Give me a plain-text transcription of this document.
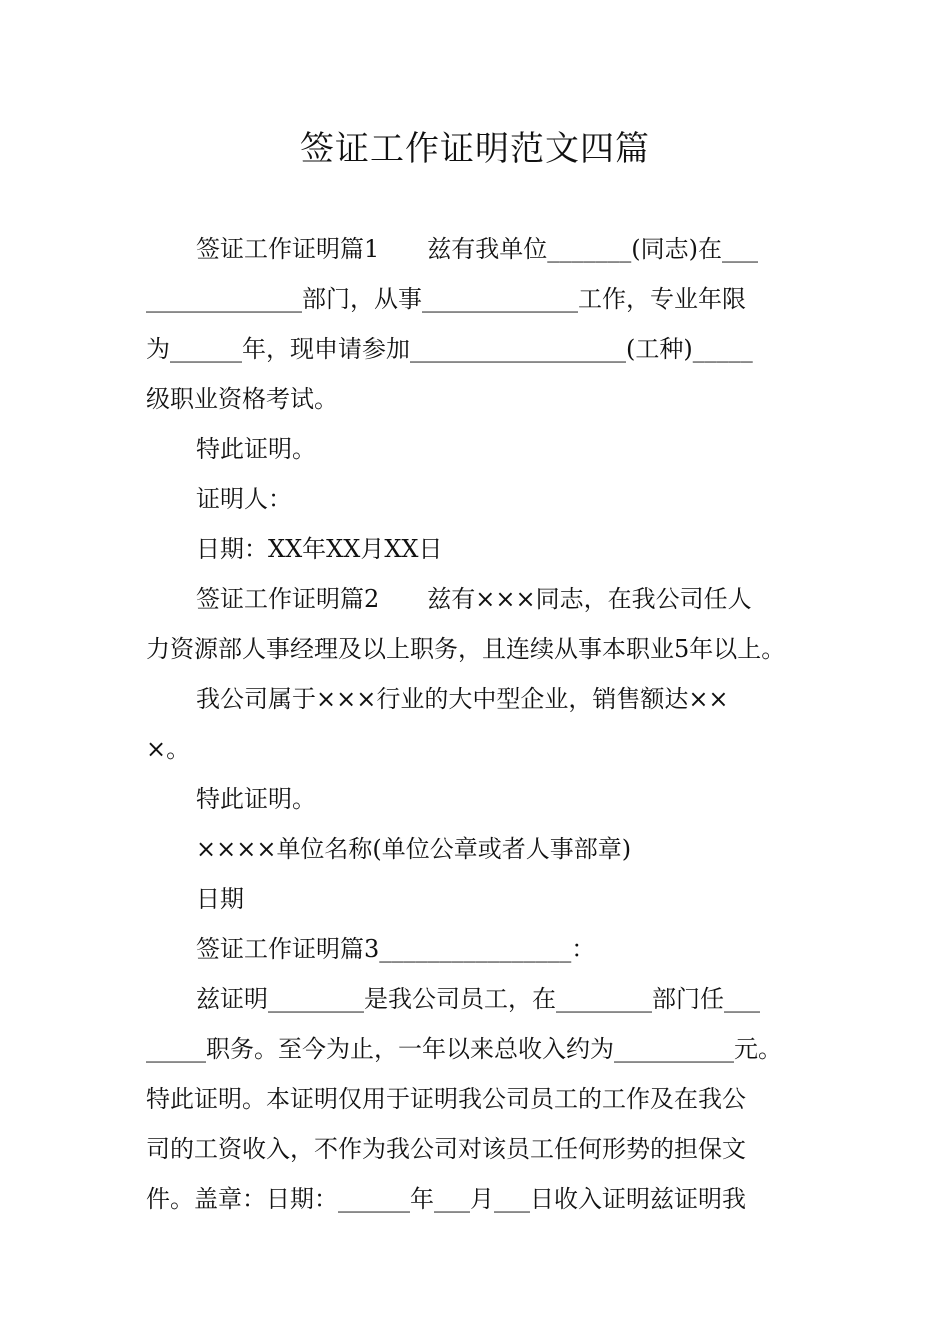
签证工作证明范文四篇
签证工作证明篇1　　兹有我单位_______(同志)在___
_____________部门，从事_____________工作，专业年限
为______年，现申请参加__________________(工种)_____
级职业资格考试。
特此证明。
证明人：
日期：XX年XX月XX日
签证工作证明篇2　　兹有×××同志，在我公司任人
力资源部人事经理及以上职务，且连续从事本职业5年以上。
我公司属于×××行业的大中型企业，销售额达××
×。
特此证明。
××××单位名称(单位公章或者人事部章)
日期
签证工作证明篇3________________：
兹证明________是我公司员工，在________部门任___
_____职务。至今为止，一年以来总收入约为__________元。
特此证明。本证明仅用于证明我公司员工的工作及在我公
司的工资收入，不作为我公司对该员工任何形势的担保文
件。盖章：日期：______年___月___日收入证明兹证明我
